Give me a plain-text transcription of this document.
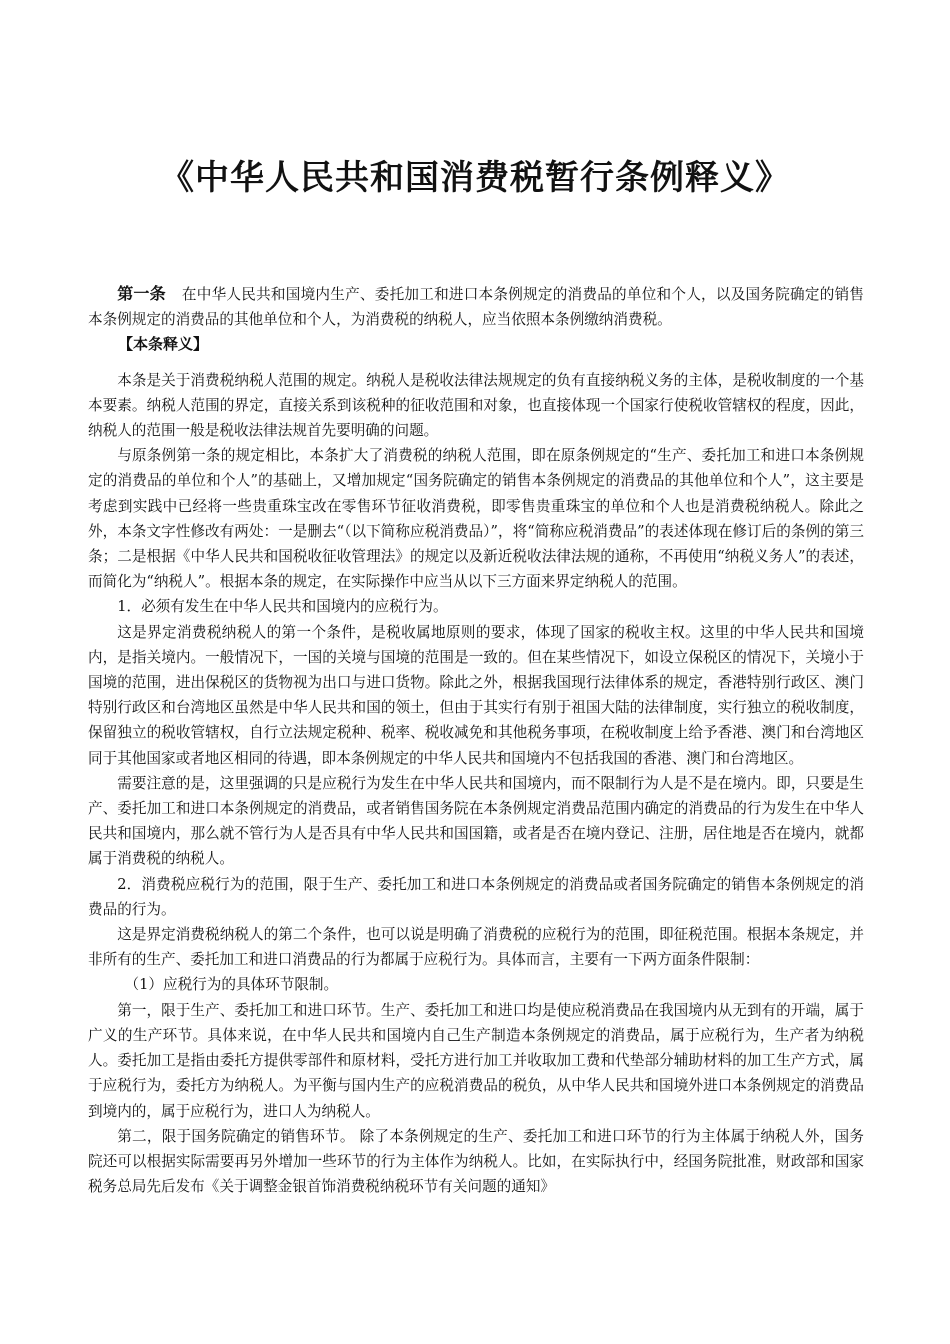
《中华人民共和国消费税暂行条例释义》

第一条 在中华人民共和国境内生产、委托加工和进口本条例规定的消费品的单位和个人，以及国务院确定的销售本条例规定的消费品的其他单位和个人，为消费税的纳税人，应当依照本条例缴纳消费税。

【本条释义】

本条是关于消费税纳税人范围的规定。纳税人是税收法律法规规定的负有直接纳税义务的主体，是税收制度的一个基本要素。纳税人范围的界定，直接关系到该税种的征收范围和对象，也直接体现一个国家行使税收管辖权的程度，因此，纳税人的范围一般是税收法律法规首先要明确的问题。

与原条例第一条的规定相比，本条扩大了消费税的纳税人范围，即在原条例规定的“生产、委托加工和进口本条例规定的消费品的单位和个人”的基础上，又增加规定“国务院确定的销售本条例规定的消费品的其他单位和个人”，这主要是考虑到实践中已经将一些贵重珠宝改在零售环节征收消费税，即零售贵重珠宝的单位和个人也是消费税纳税人。除此之外，本条文字性修改有两处：一是删去“（以下简称应税消费品）”，将“简称应税消费品”的表述体现在修订后的条例的第三条；二是根据《中华人民共和国税收征收管理法》的规定以及新近税收法律法规的通称，不再使用“纳税义务人”的表述，而简化为“纳税人”。根据本条的规定，在实际操作中应当从以下三方面来界定纳税人的范围。

1．必须有发生在中华人民共和国境内的应税行为。

这是界定消费税纳税人的第一个条件，是税收属地原则的要求，体现了国家的税收主权。这里的中华人民共和国境内，是指关境内。一般情况下，一国的关境与国境的范围是一致的。但在某些情况下，如设立保税区的情况下，关境小于国境的范围，进出保税区的货物视为出口与进口货物。除此之外，根据我国现行法律体系的规定，香港特别行政区、澳门特别行政区和台湾地区虽然是中华人民共和国的领土，但由于其实行有别于祖国大陆的法律制度，实行独立的税收制度，保留独立的税收管辖权，自行立法规定税种、税率、税收减免和其他税务事项，在税收制度上给予香港、澳门和台湾地区同于其他国家或者地区相同的待遇，即本条例规定的中华人民共和国境内不包括我国的香港、澳门和台湾地区。

需要注意的是，这里强调的只是应税行为发生在中华人民共和国境内，而不限制行为人是不是在境内。即，只要是生产、委托加工和进口本条例规定的消费品，或者销售国务院在本条例规定消费品范围内确定的消费品的行为发生在中华人民共和国境内，那么就不管行为人是否具有中华人民共和国国籍，或者是否在境内登记、注册，居住地是否在境内，就都属于消费税的纳税人。

2．消费税应税行为的范围，限于生产、委托加工和进口本条例规定的消费品或者国务院确定的销售本条例规定的消费品的行为。

这是界定消费税纳税人的第二个条件，也可以说是明确了消费税的应税行为的范围，即征税范围。根据本条规定，并非所有的生产、委托加工和进口消费品的行为都属于应税行为。具体而言，主要有一下两方面条件限制：

（1）应税行为的具体环节限制。

第一，限于生产、委托加工和进口环节。生产、委托加工和进口均是使应税消费品在我国境内从无到有的开端，属于广义的生产环节。具体来说，在中华人民共和国境内自己生产制造本条例规定的消费品，属于应税行为，生产者为纳税人。委托加工是指由委托方提供零部件和原材料，受托方进行加工并收取加工费和代垫部分辅助材料的加工生产方式，属于应税行为，委托方为纳税人。为平衡与国内生产的应税消费品的税负，从中华人民共和国境外进口本条例规定的消费品到境内的，属于应税行为，进口人为纳税人。

第二，限于国务院确定的销售环节。 除了本条例规定的生产、委托加工和进口环节的行为主体属于纳税人外，国务院还可以根据实际需要再另外增加一些环节的行为主体作为纳税人。比如，在实际执行中，经国务院批准，财政部和国家税务总局先后发布《关于调整金银首饰消费税纳税环节有关问题的通知》
